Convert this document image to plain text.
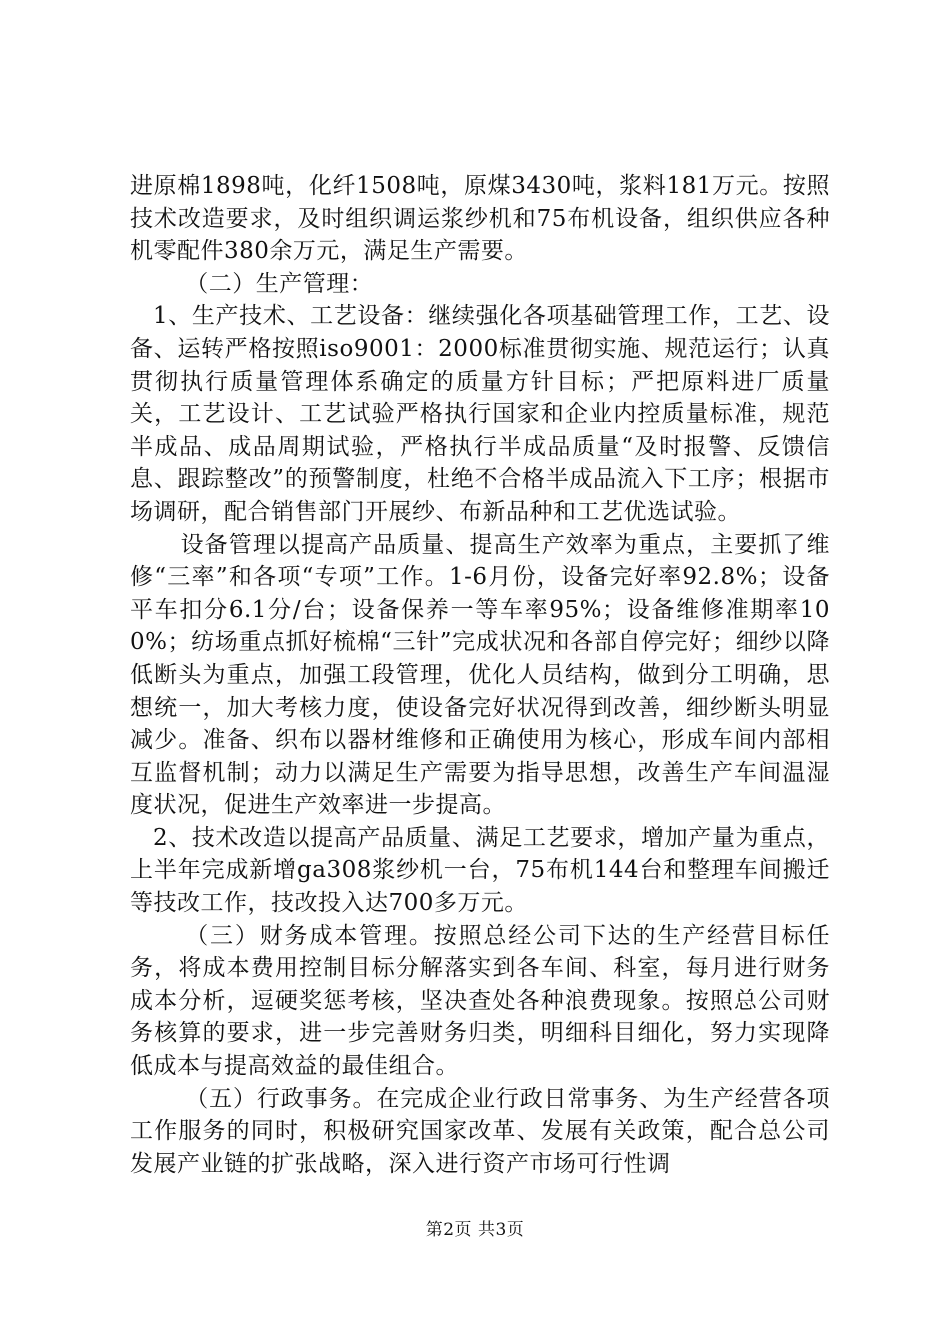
进原棉1898吨，化纤1508吨，原煤3430吨，浆料181万元。按照技术改造要求，及时组织调运浆纱机和75布机设备，组织供应各种机零配件380余万元，满足生产需要。

（二）生产管理：

1、生产技术、工艺设备：继续强化各项基础管理工作，工艺、设备、运转严格按照iso9001：2000标准贯彻实施、规范运行；认真贯彻执行质量管理体系确定的质量方针目标；严把原料进厂质量关，工艺设计、工艺试验严格执行国家和企业内控质量标准，规范半成品、成品周期试验，严格执行半成品质量“及时报警、反馈信息、跟踪整改”的预警制度，杜绝不合格半成品流入下工序；根据市场调研，配合销售部门开展纱、布新品种和工艺优选试验。

设备管理以提高产品质量、提高生产效率为重点，主要抓了维修“三率”和各项“专项”工作。1-6月份，设备完好率92.8%；设备平车扣分6.1分/台；设备保养一等车率95%；设备维修准期率100%；纺场重点抓好梳棉“三针”完成状况和各部自停完好；细纱以降低断头为重点，加强工段管理，优化人员结构，做到分工明确，思想统一，加大考核力度，使设备完好状况得到改善，细纱断头明显减少。准备、织布以器材维修和正确使用为核心，形成车间内部相互监督机制；动力以满足生产需要为指导思想，改善生产车间温湿度状况，促进生产效率进一步提高。

2、技术改造以提高产品质量、满足工艺要求，增加产量为重点，上半年完成新增ga308浆纱机一台，75布机144台和整理车间搬迁等技改工作，技改投入达700多万元。

（三）财务成本管理。按照总经公司下达的生产经营目标任务，将成本费用控制目标分解落实到各车间、科室，每月进行财务成本分析，逗硬奖惩考核，坚决查处各种浪费现象。按照总公司财务核算的要求，进一步完善财务归类，明细科目细化，努力实现降低成本与提高效益的最佳组合。

（五）行政事务。在完成企业行政日常事务、为生产经营各项工作服务的同时，积极研究国家改革、发展有关政策，配合总公司发展产业链的扩张战略，深入进行资产市场可行性调

第2页 共3页
